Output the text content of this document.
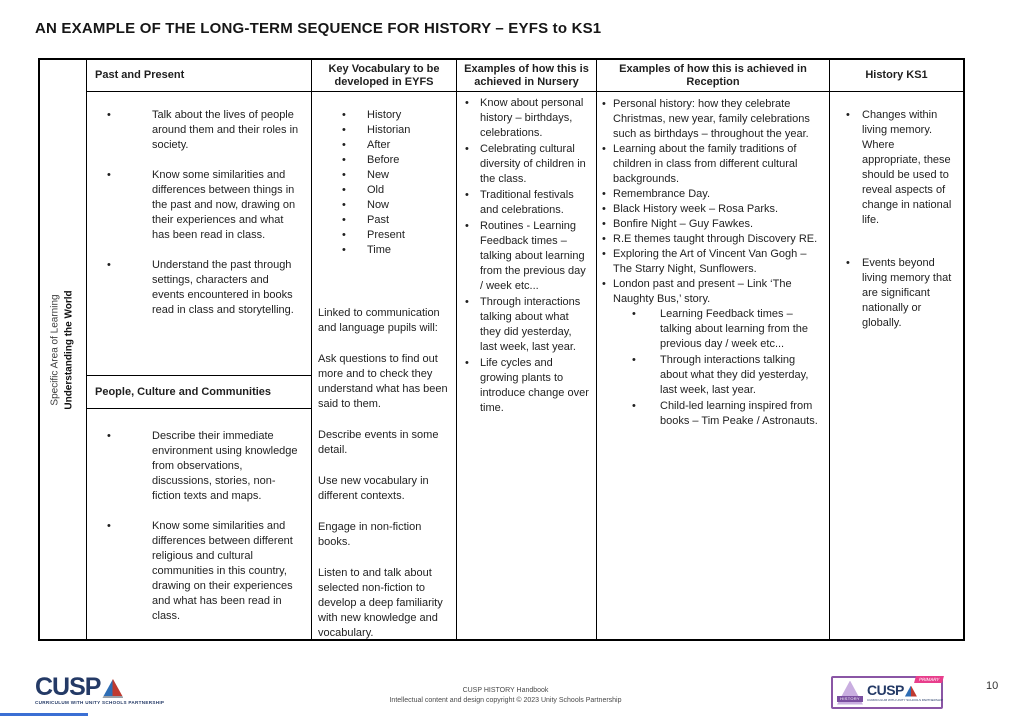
AN EXAMPLE OF THE LONG-TERM SEQUENCE FOR HISTORY – EYFS to KS1
Specific Area of Learning Understanding the World
Past and Present
Key Vocabulary to be developed in EYFS
Examples of how this is achieved in Nursery
Examples of how this is achieved in Reception
History KS1
• Talk about the lives of people around them and their roles in society.
• Know some similarities and differences between things in the past and now, drawing on their experiences and what has been read in class.
• Understand the past through settings, characters and events encountered in books read in class and storytelling.
People, Culture and Communities
• Describe their immediate environment using knowledge from observations, discussions, stories, non-fiction texts and maps.
• Know some similarities and differences between different religious and cultural communities in this country, drawing on their experiences and what has been read in class.
• History
• Historian
• After
• Before
• New
• Old
• Now
• Past
• Present
• Time
Linked to communication and language pupils will:
Ask questions to find out more and to check they understand what has been said to them.
Describe events in some detail.
Use new vocabulary in different contexts.
Engage in non-fiction books.
Listen to and talk about selected non-fiction to develop a deep familiarity with new knowledge and vocabulary.
• Know about personal history – birthdays, celebrations.
• Celebrating cultural diversity of children in the class.
• Traditional festivals and celebrations.
• Routines - Learning Feedback times – talking about learning from the previous day / week etc...
• Through interactions talking about what they did yesterday, last week, last year.
• Life cycles and growing plants to introduce change over time.
• Personal history: how they celebrate Christmas, new year, family celebrations such as birthdays – throughout the year.
• Learning about the family traditions of children in class from different cultural backgrounds.
• Remembrance Day.
• Black History week – Rosa Parks.
• Bonfire Night – Guy Fawkes.
• R.E themes taught through Discovery RE.
• Exploring the Art of Vincent Van Gogh – The Starry Night, Sunflowers.
• London past and present – Link ‘The Naughty Bus,’ story.
• Learning Feedback times – talking about learning from the previous day / week etc...
• Through interactions talking about what they did yesterday, last week, last year.
• Child-led learning inspired from books – Tim Peake / Astronauts.
• Changes within living memory. Where appropriate, these should be used to reveal aspects of change in national life.
• Events beyond living memory that are significant nationally or globally.
CUSP
CURRICULUM WITH UNITY SCHOOLS PARTNERSHIP
CUSP HISTORY Handbook
Intellectual content and design copyright © 2023 Unity Schools Partnership	HISTORY
CUSP
CURRICULUM WITH UNITY SCHOOLS PARTNERSHIP
PRIMARY
10
